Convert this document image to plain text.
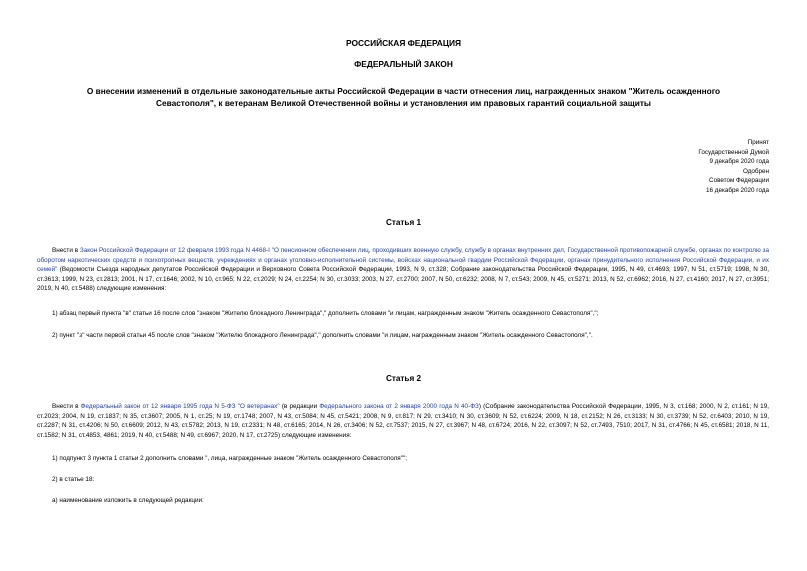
РОССИЙСКАЯ ФЕДЕРАЦИЯ
ФЕДЕРАЛЬНЫЙ ЗАКОН
О внесении изменений в отдельные законодательные акты Российской Федерации в части отнесения лиц, награжденных знаком "Житель осажденного
Севастополя", к ветеранам Великой Отечественной войны и установления им правовых гарантий социальной защиты
Принят
Государственной Думой
9 декабря 2020 года
Одобрен
Советом Федерации
16 декабря 2020 года
Статья 1
Внести в Закон Российской Федерации от 12 февраля 1993 года N 4468-I "О пенсионном обеспечении лиц, проходивших военную службу, службу в органах внутренних дел, Государственной противопожарной службе, органах по контролю за оборотом наркотических средств и психотропных веществ, учреждениях и органах уголовно-исполнительной системы, войсках национальной гвардии Российской Федерации, органах принудительного исполнения Российской Федерации, и их семей" (Ведомости Съезда народных депутатов Российской Федерации и Верховного Совета Российской Федерации, 1993, N 9, ст.328; Собрание законодательства Российской Федерации, 1995, N 49, ст.4693; 1997, N 51, ст.5719; 1998, N 30, ст.3613; 1999, N 23, ст.2813; 2001, N 17, ст.1646; 2002, N 10, ст.965; N 22, ст.2029; N 24, ст.2254; N 30, ст.3033; 2003, N 27, ст.2700; 2007, N 50, ст.6232; 2008, N 7, ст.543; 2009, N 45, ст.5271; 2013, N 52, ст.6962; 2016, N 27, ст.4160; 2017, N 27, ст.3951; 2019, N 40, ст.5488) следующие изменения:
1) абзац первый пункта "в" статьи 16 после слов "знаком "Жителю блокадного Ленинграда"," дополнить словами "и лицам, награжденным знаком "Житель осажденного Севастополя",";
2) пункт "з" части первой статьи 45 после слов "знаком "Жителю блокадного Ленинграда"," дополнить словами "и лицам, награжденным знаком "Житель осажденного Севастополя",".
Статья 2
Внести в Федеральный закон от 12 января 1995 года N 5-ФЗ "О ветеранах" (в редакции Федерального закона от 2 января 2000 года N 40-ФЗ) (Собрание законодательства Российской Федерации, 1995, N 3, ст.168; 2000, N 2, ст.161; N 19, ст.2023; 2004, N 19, ст.1837; N 35, ст.3607; 2005, N 1, ст.25; N 19, ст.1748; 2007, N 43, ст.5084; N 45, ст.5421; 2008, N 9, ст.817; N 29, ст.3410; N 30, ст.3609; N 52, ст.6224; 2009, N 18, ст.2152; N 26, ст.3133; N 30, ст.3739; N 52, ст.6403; 2010, N 19, ст.2287; N 31, ст.4206; N 50, ст.6609; 2012, N 43, ст.5782; 2013, N 19, ст.2331; N 48, ст.6165; 2014, N 26, ст.3406; N 52, ст.7537; 2015, N 27, ст.3967; N 48, ст.6724; 2016, N 22, ст.3097; N 52, ст.7493, 7510; 2017, N 31, ст.4766; N 45, ст.6581; 2018, N 11, ст.1582; N 31, ст.4853, 4861; 2019, N 40, ст.5488; N 49, ст.6967; 2020, N 17, ст.2725) следующие изменения:
1) подпункт 3 пункта 1 статьи 2 дополнить словами ", лица, награжденные знаком "Житель осажденного Севастополя"";
2) в статье 18:
а) наименование изложить в следующей редакции:
